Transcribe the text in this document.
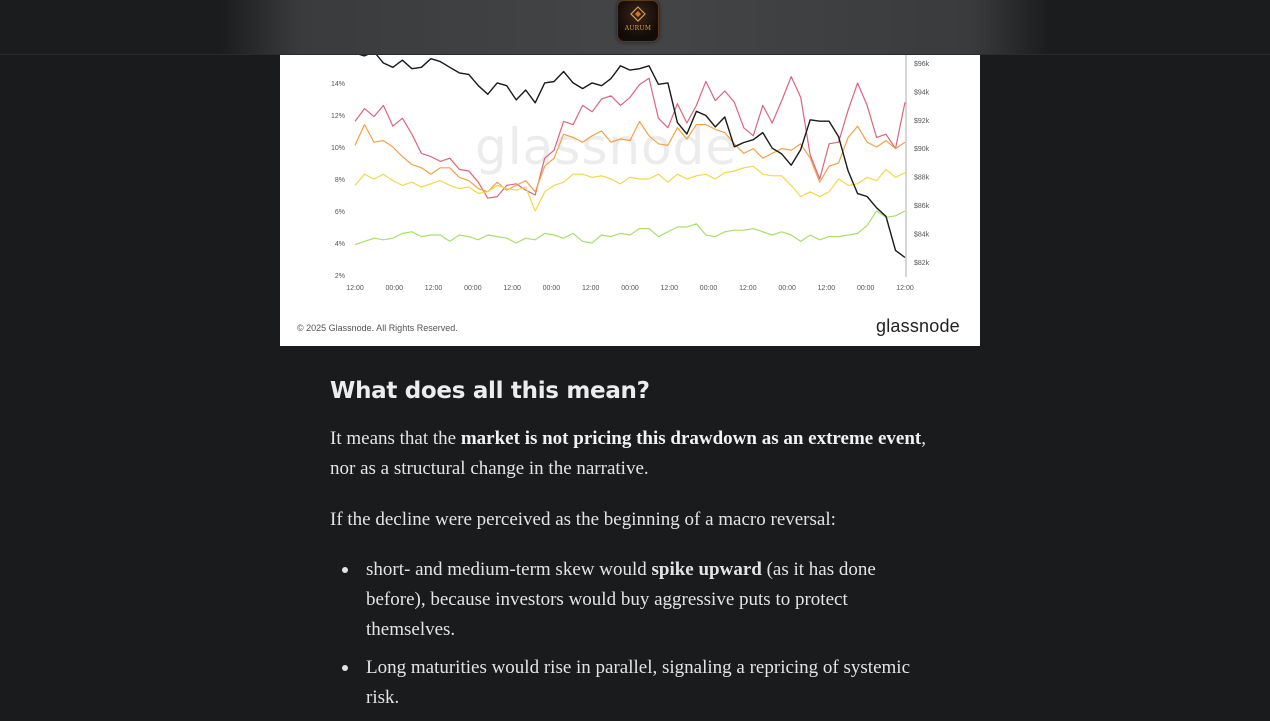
AURUM
glassnode
14%
12%
10%
8%
6%
4%
2%
$96k
$94k
$92k
$90k
$88k
$86k
$84k
$82k
12:00	00:00	12:00	00:00	12:00	00:00	12:00	00:00	12:00	00:00	12:00	00:00	12:00	00:00	12:00
© 2025 Glassnode. All Rights Reserved.	glassnode
What does all this mean?
It means that the market is not pricing this drawdown as an extreme event, nor as a structural change in the narrative.
If the decline were perceived as the beginning of a macro reversal:
short- and medium-term skew would spike upward (as it has done before), because investors would buy aggressive puts to protect themselves.
Long maturities would rise in parallel, signaling a repricing of systemic risk.
